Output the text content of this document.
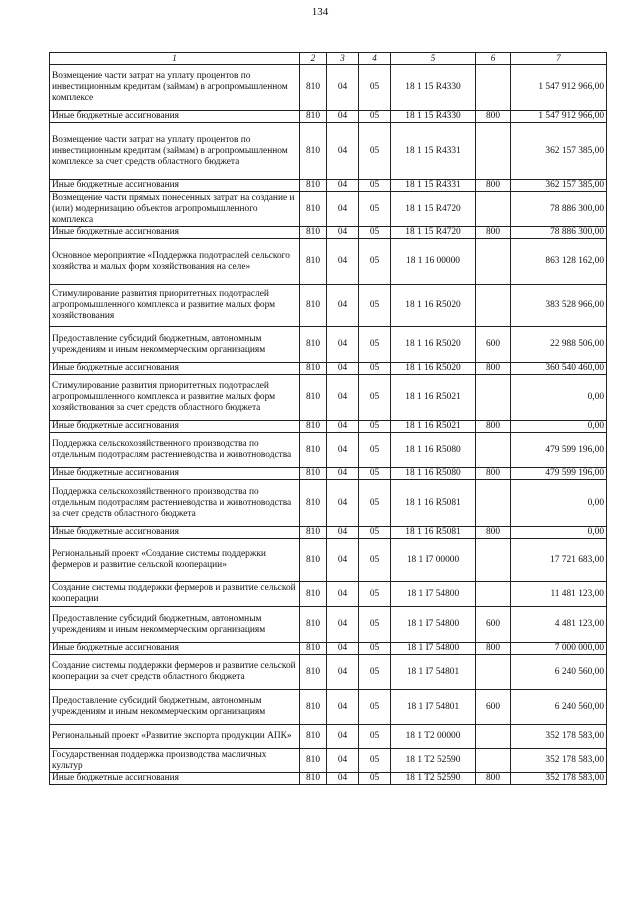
134
1	2	3	4	5	6	7
Возмещение части затрат на уплату процентов по инвестиционным кредитам (займам) в агропромышленном комплексе	810	04	05	18 1 15 R4330		1 547 912 966,00
Иные бюджетные ассигнования	810	04	05	18 1 15 R4330	800	1 547 912 966,00
Возмещение части затрат на уплату процентов по инвестиционным кредитам (займам) в агропромышленном комплексе за счет средств областного бюджета	810	04	05	18 1 15 R4331		362 157 385,00
Иные бюджетные ассигнования	810	04	05	18 1 15 R4331	800	362 157 385,00
Возмещение части прямых понесенных затрат на создание и (или) модернизацию объектов агропромышленного комплекса	810	04	05	18 1 15 R4720		78 886 300,00
Иные бюджетные ассигнования	810	04	05	18 1 15 R4720	800	78 886 300,00
Основное мероприятие «Поддержка подотраслей сельского хозяйства и малых форм хозяйствования на селе»	810	04	05	18 1 16 00000		863 128 162,00
Стимулирование развития приоритетных подотраслей агропромышленного комплекса и развитие малых форм хозяйствования	810	04	05	18 1 16 R5020		383 528 966,00
Предоставление субсидий бюджетным, автономным учреждениям и иным некоммерческим организациям	810	04	05	18 1 16 R5020	600	22 988 506,00
Иные бюджетные ассигнования	810	04	05	18 1 16 R5020	800	360 540 460,00
Стимулирование развития приоритетных подотраслей агропромышленного комплекса и развитие малых форм хозяйствования за счет средств областного бюджета	810	04	05	18 1 16 R5021		0,00
Иные бюджетные ассигнования	810	04	05	18 1 16 R5021	800	0,00
Поддержка сельскохозяйственного производства по отдельным подотраслям растениеводства и животноводства	810	04	05	18 1 16 R5080		479 599 196,00
Иные бюджетные ассигнования	810	04	05	18 1 16 R5080	800	479 599 196,00
Поддержка сельскохозяйственного производства по отдельным подотраслям растениеводства и животноводства за счет средств областного бюджета	810	04	05	18 1 16 R5081		0,00
Иные бюджетные ассигнования	810	04	05	18 1 16 R5081	800	0,00
Региональный проект «Создание системы поддержки фермеров и развитие сельской кооперации»	810	04	05	18 1 I7 00000		17 721 683,00
Создание системы поддержки фермеров и развитие сельской кооперации	810	04	05	18 1 I7 54800		11 481 123,00
Предоставление субсидий бюджетным, автономным учреждениям и иным некоммерческим организациям	810	04	05	18 1 I7 54800	600	4 481 123,00
Иные бюджетные ассигнования	810	04	05	18 1 I7 54800	800	7 000 000,00
Создание системы поддержки фермеров и развитие сельской кооперации за счет средств областного бюджета	810	04	05	18 1 I7 54801		6 240 560,00
Предоставление субсидий бюджетным, автономным учреждениям и иным некоммерческим организациям	810	04	05	18 1 I7 54801	600	6 240 560,00
Региональный проект «Развитие экспорта продукции АПК»	810	04	05	18 1 T2 00000		352 178 583,00
Государственная поддержка производства масличных культур	810	04	05	18 1 T2 52590		352 178 583,00
Иные бюджетные ассигнования	810	04	05	18 1 T2 52590	800	352 178 583,00
